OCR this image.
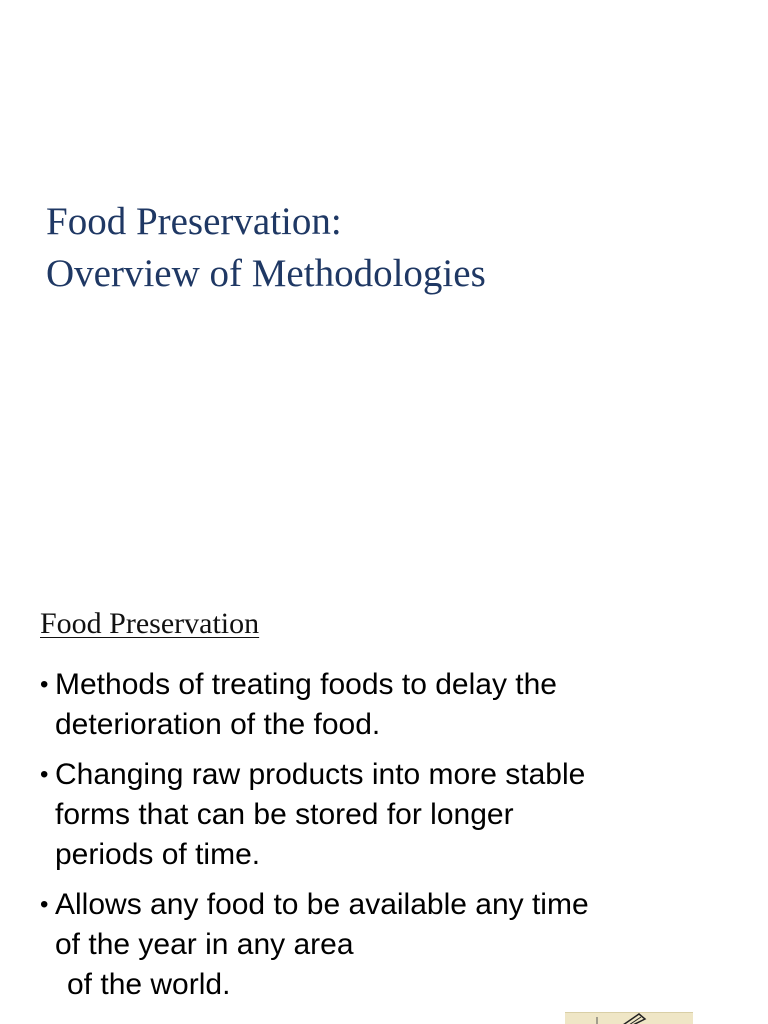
Food Preservation:
Overview of Methodologies
Food Preservation
• Methods of treating foods to delay the
deterioration of the food.
• Changing raw products into more stable
forms that can be stored for longer
periods of time.
• Allows any food to be available any time
of the year in any area
of the world.
